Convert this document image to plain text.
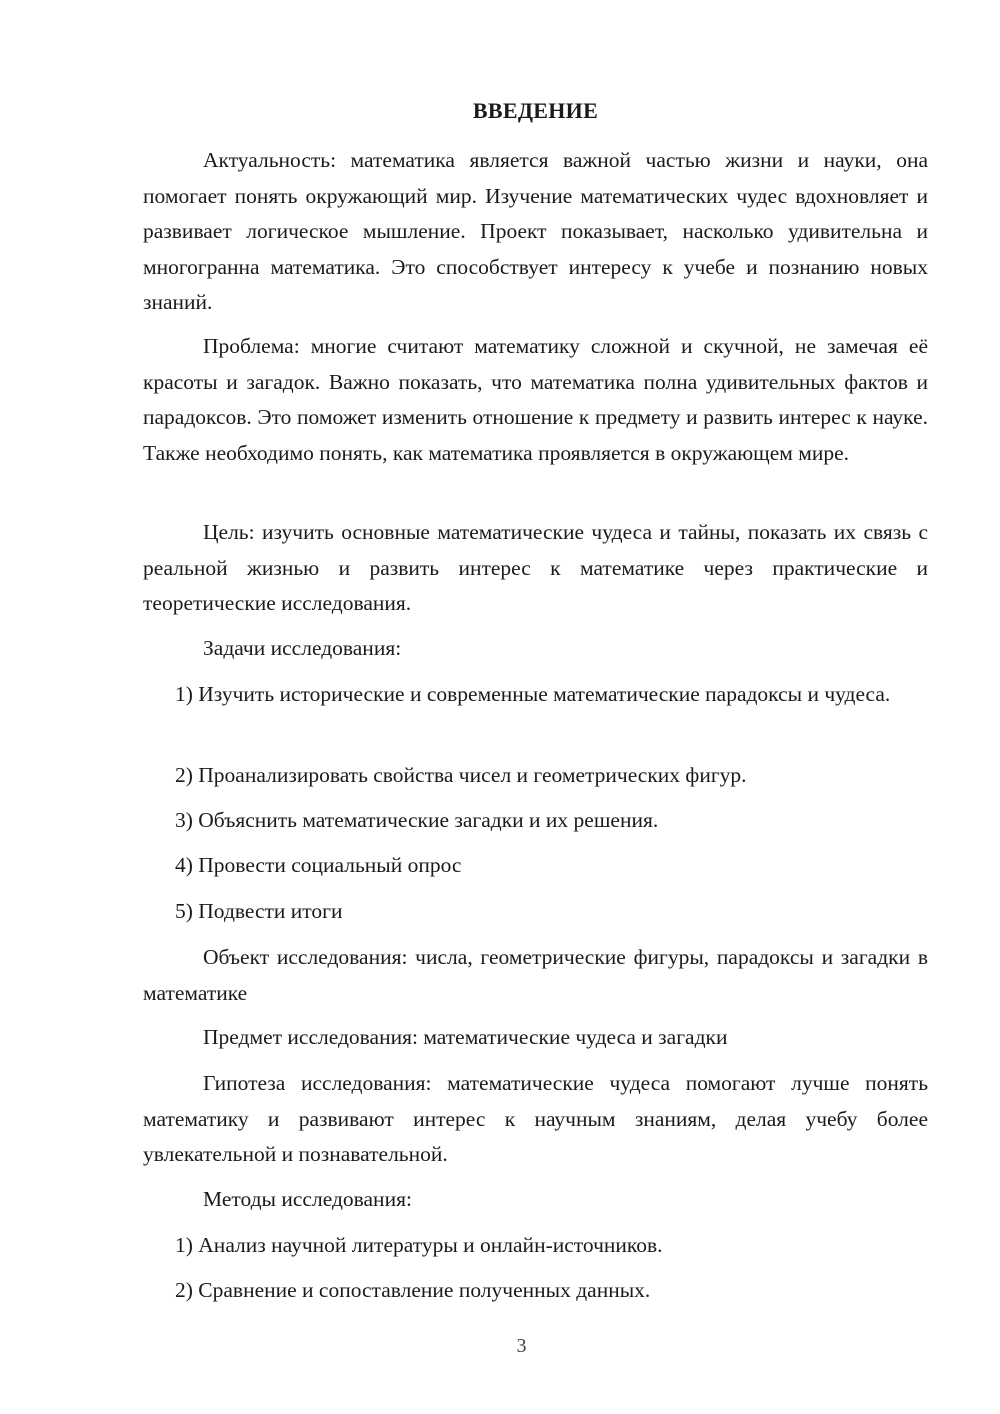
ВВЕДЕНИЕ

Актуальность: математика является важной частью жизни и науки, она помогает понять окружающий мир. Изучение математических чудес вдохновляет и развивает логическое мышление. Проект показывает, насколько удивительна и многогранна математика. Это способствует интересу к учебе и познанию новых знаний.

Проблема: многие считают математику сложной и скучной, не замечая её красоты и загадок. Важно показать, что математика полна удивительных фактов и парадоксов. Это поможет изменить отношение к предмету и развить интерес к науке. Также необходимо понять, как математика проявляется в окружающем мире.

Цель: изучить основные математические чудеса и тайны, показать их связь с реальной жизнью и развить интерес к математике через практические и теоретические исследования.

Задачи исследования:

1) Изучить исторические и современные математические парадоксы и чудеса.

2) Проанализировать свойства чисел и геометрических фигур.

3) Объяснить математические загадки и их решения.

4) Провести социальный опрос

5) Подвести итоги

Объект исследования: числа, геометрические фигуры, парадоксы и загадки в математике

Предмет исследования: математические чудеса и загадки

Гипотеза исследования: математические чудеса помогают лучше понять математику и развивают интерес к научным знаниям, делая учебу более увлекательной и познавательной.

Методы исследования:

1) Анализ научной литературы и онлайн-источников.

2) Сравнение и сопоставление полученных данных.

3
